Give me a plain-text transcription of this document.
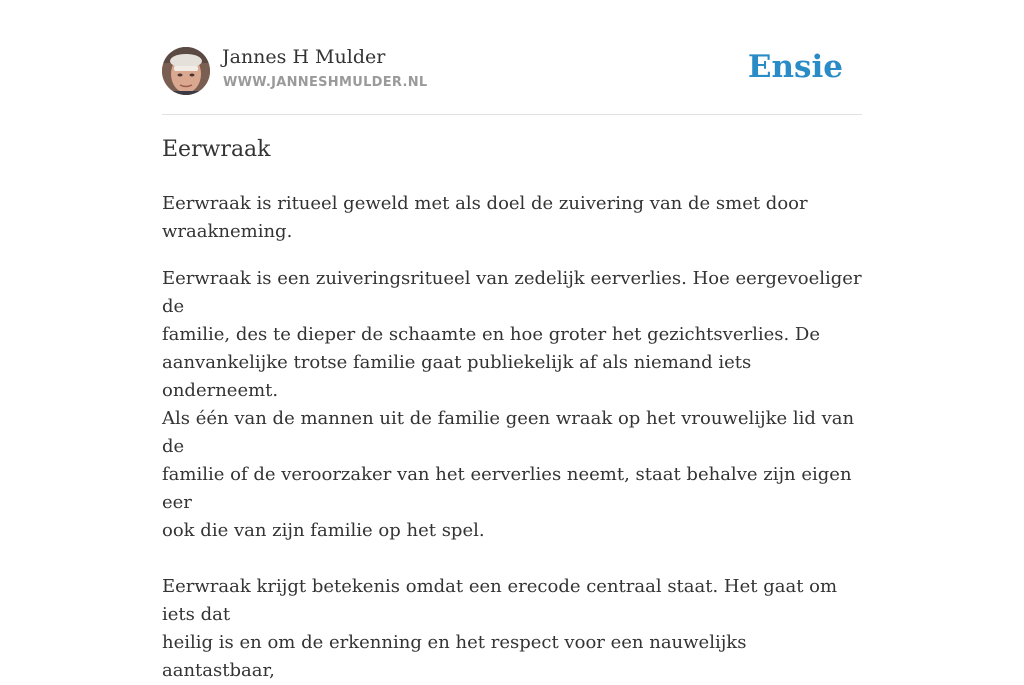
Jannes H Mulder
WWW.JANNESHMULDER.NL	Ensie
Eerwraak

Eerwraak is ritueel geweld met als doel de zuivering van de smet door
wraakneming.

Eerwraak is een zuiveringsritueel van zedelijk eerverlies. Hoe eergevoeliger de
familie, des te dieper de schaamte en hoe groter het gezichtsverlies. De
aanvankelijke trotse familie gaat publiekelijk af als niemand iets onderneemt.
Als één van de mannen uit de familie geen wraak op het vrouwelijke lid van de
familie of de veroorzaker van het eerverlies neemt, staat behalve zijn eigen eer
ook die van zijn familie op het spel.

Eerwraak krijgt betekenis omdat een erecode centraal staat. Het gaat om iets dat
heilig is en om de erkenning en het respect voor een nauwelijks aantastbaar,
